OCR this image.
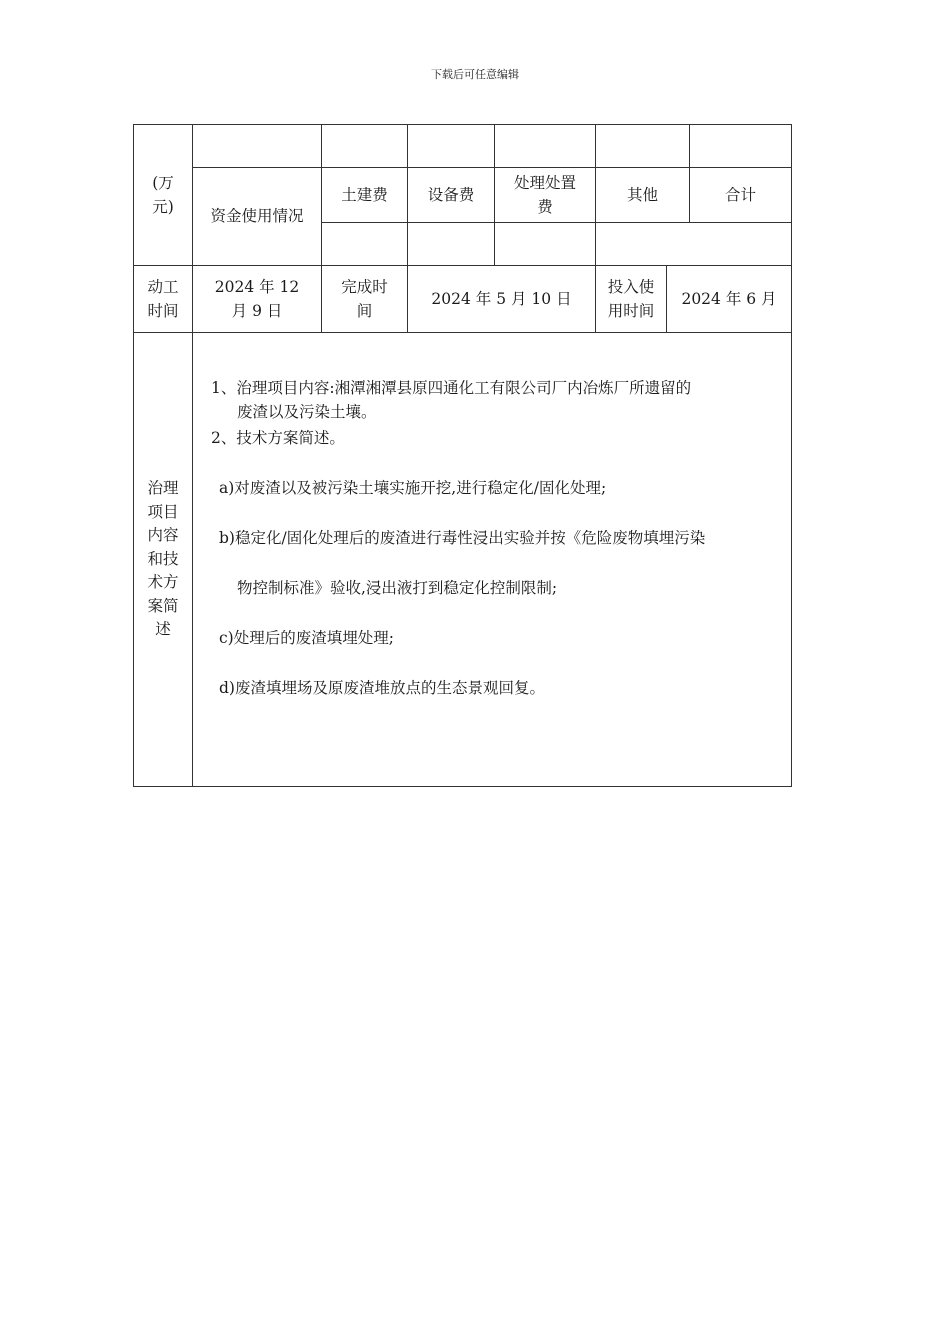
下载后可任意编辑
(万
元)
资金使用情况
土建费	设备费
处理处置
费
其他	合计
动工
时间
2024 年 12
月 9 日
完成时
间
2024 年 5 月 10 日
投入使
用时间
2024 年 6 月
治理
项目
内容
和技
术方
案简
述
1、治理项目内容:湘潭湘潭县原四通化工有限公司厂内冶炼厂所遗留的
废渣以及污染土壤。
2、技术方案简述。
a)对废渣以及被污染土壤实施开挖,进行稳定化/固化处理;
b)稳定化/固化处理后的废渣进行毒性浸出实验并按《危险废物填埋污染
物控制标准》验收,浸出液打到稳定化控制限制;
c)处理后的废渣填埋处理;
d)废渣填埋场及原废渣堆放点的生态景观回复。
